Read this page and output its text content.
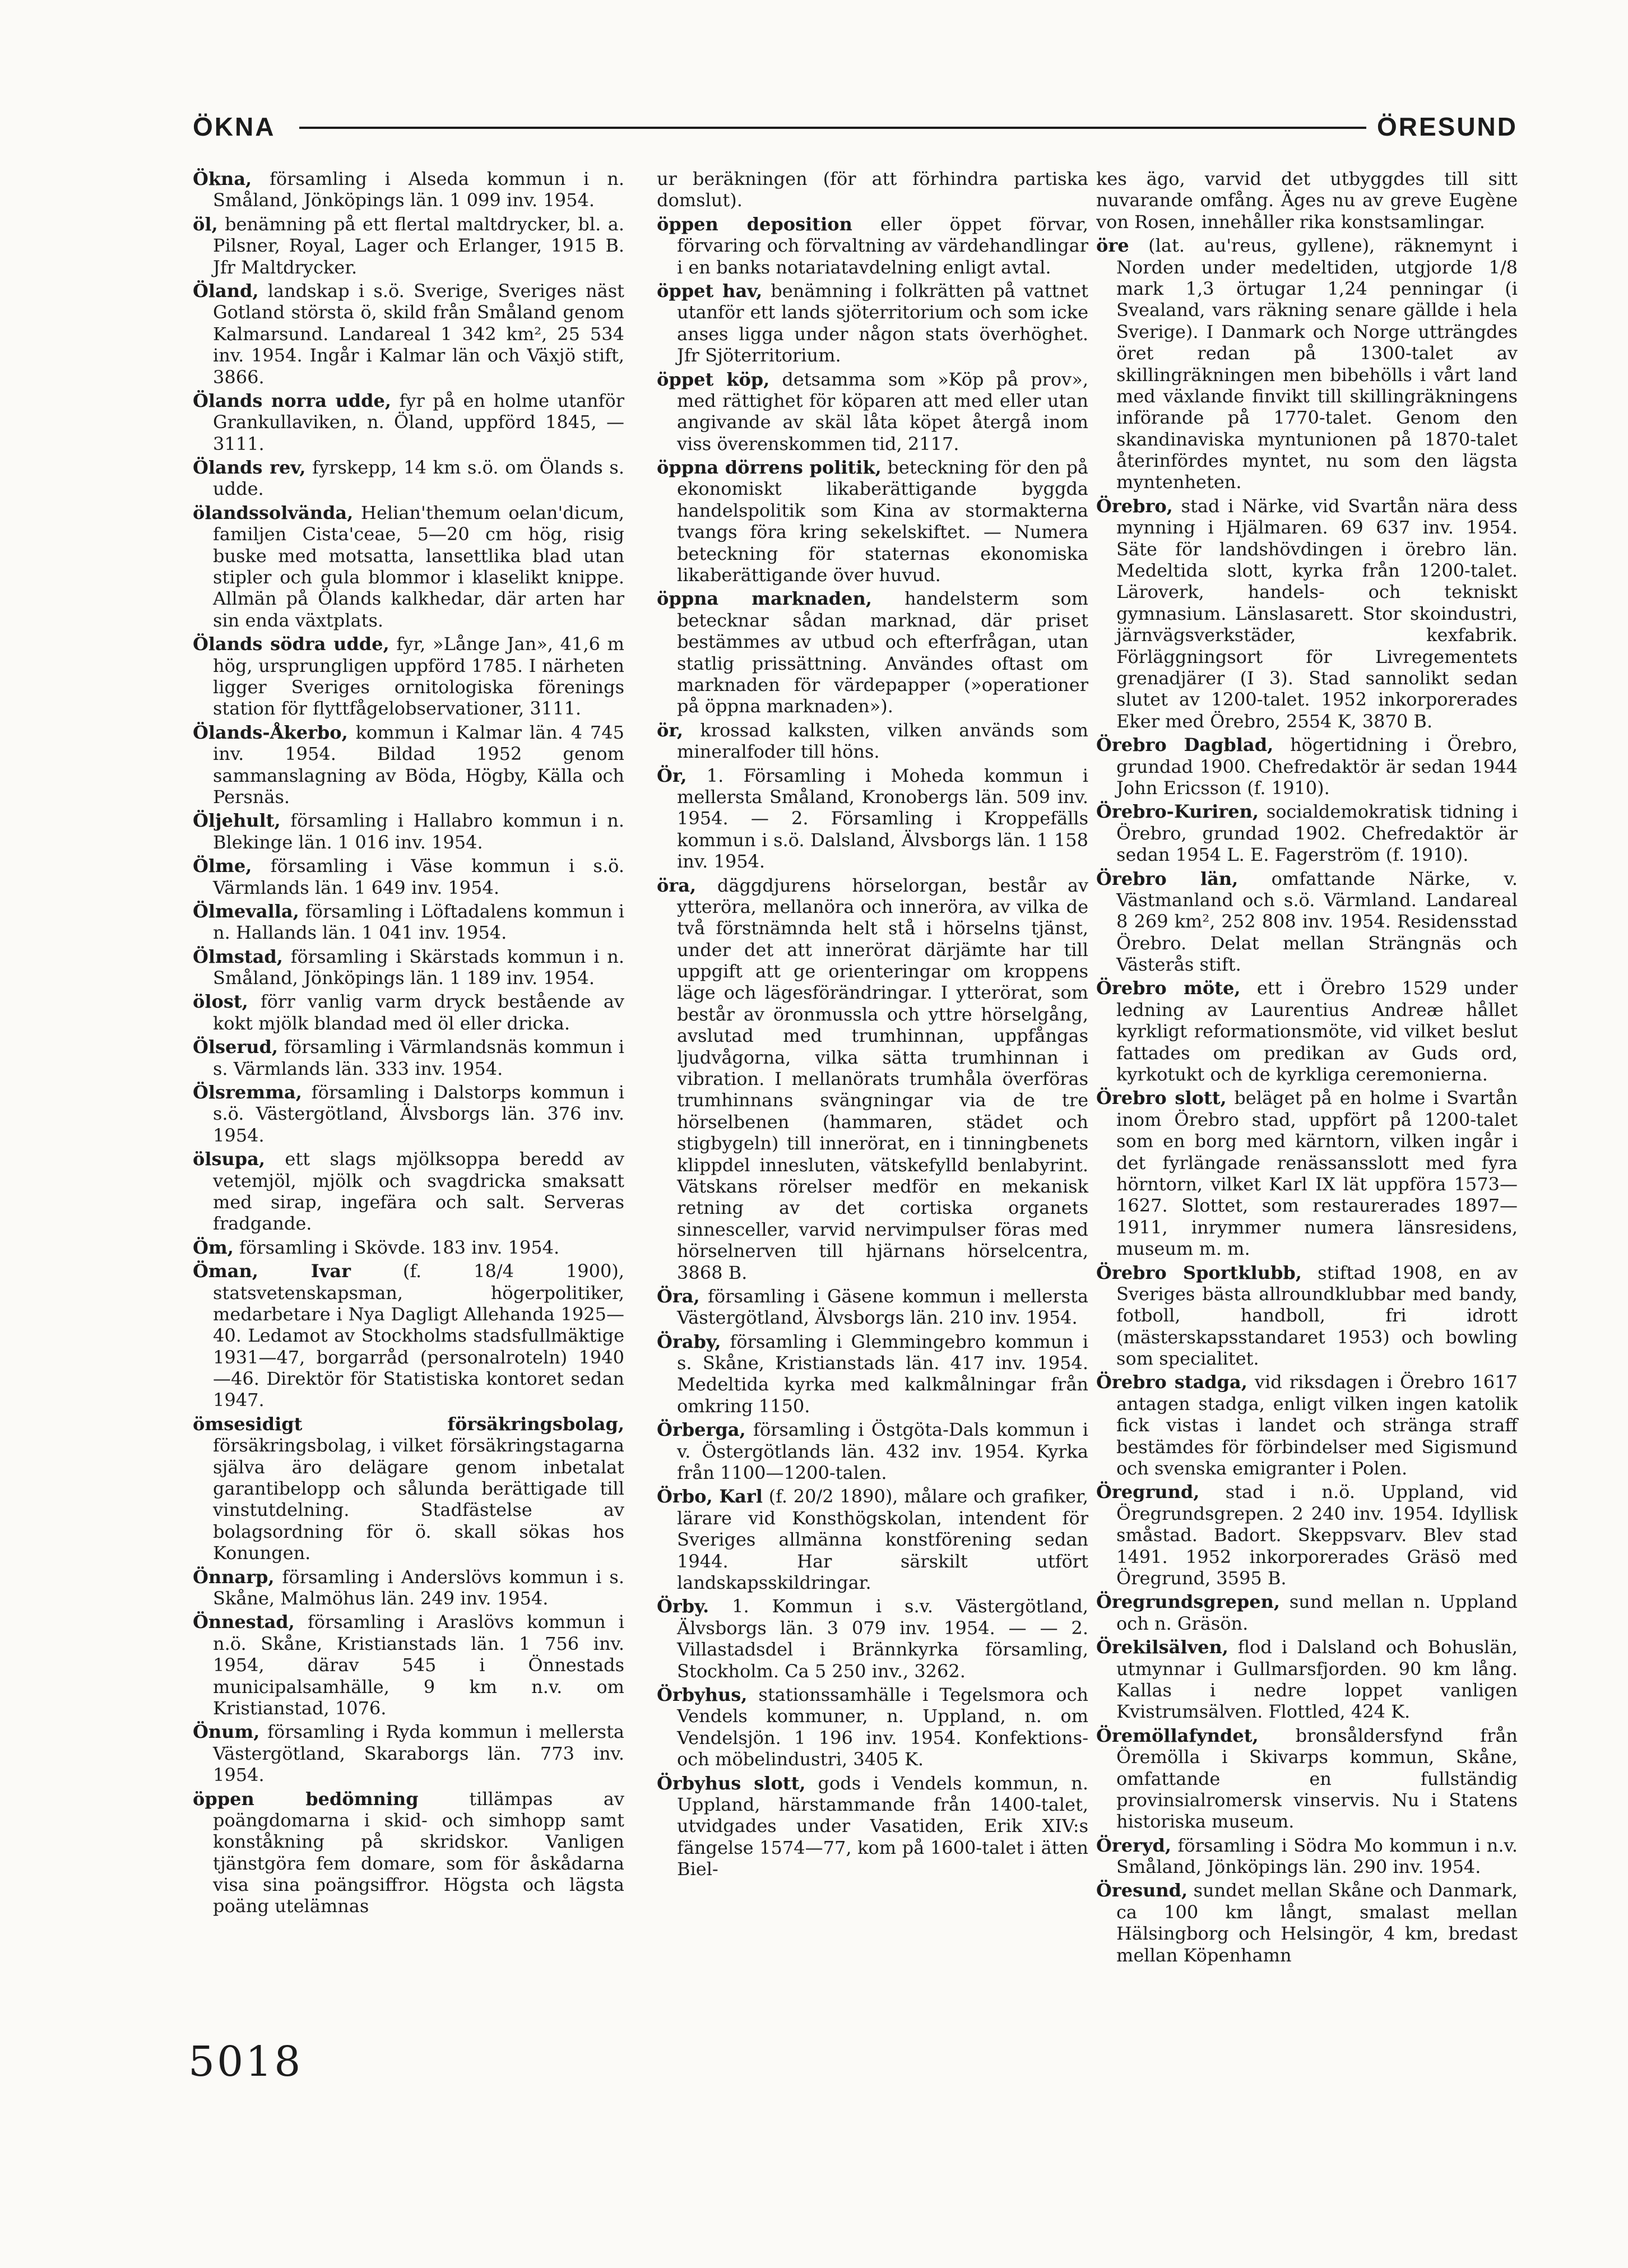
ÖKNA	ÖRESUND

Ökna, församling i Alseda kommun i n. Småland, Jönköpings län. 1 099 inv. 1954.

öl, benämning på ett flertal maltdrycker, bl. a. Pilsner, Royal, Lager och Erlanger, 1915 B. Jfr Maltdrycker.

Öland, landskap i s.ö. Sverige, Sveriges näst Gotland största ö, skild från Småland genom Kalmarsund. Landareal 1 342 km², 25 534 inv. 1954. Ingår i Kalmar län och Växjö stift, 3866.

Ölands norra udde, fyr på en holme utanför Grankullaviken, n. Öland, uppförd 1845, — 3111.

Ölands rev, fyrskepp, 14 km s.ö. om Ölands s. udde.

ölandssolvända, Helian'themum oelan'dicum, familjen Cista'ceae, 5—20 cm hög, risig buske med motsatta, lansettlika blad utan stipler och gula blommor i klaselikt knippe. Allmän på Ölands kalkhedar, där arten har sin enda växtplats.

Ölands södra udde, fyr, »Långe Jan», 41,6 m hög, ursprungligen uppförd 1785. I närheten ligger Sveriges ornitologiska förenings station för flyttfågelobservationer, 3111.

Ölands-Åkerbo, kommun i Kalmar län. 4 745 inv. 1954. Bildad 1952 genom sammanslagning av Böda, Högby, Källa och Persnäs.

Öljehult, församling i Hallabro kommun i n. Blekinge län. 1 016 inv. 1954.

Ölme, församling i Väse kommun i s.ö. Värmlands län. 1 649 inv. 1954.

Ölmevalla, församling i Löftadalens kommun i n. Hallands län. 1 041 inv. 1954.

Ölmstad, församling i Skärstads kommun i n. Småland, Jönköpings län. 1 189 inv. 1954.

ölost, förr vanlig varm dryck bestående av kokt mjölk blandad med öl eller dricka.

Ölserud, församling i Värmlandsnäs kommun i s. Värmlands län. 333 inv. 1954.

Ölsremma, församling i Dalstorps kommun i s.ö. Västergötland, Älvsborgs län. 376 inv. 1954.

ölsupa, ett slags mjölksoppa beredd av vetemjöl, mjölk och svagdricka smaksatt med sirap, ingefära och salt. Serveras fradgande.

Öm, församling i Skövde. 183 inv. 1954.

Öman, Ivar (f. 18/4 1900), statsvetenskapsman, högerpolitiker, medarbetare i Nya Dagligt Allehanda 1925—40. Ledamot av Stockholms stadsfullmäktige 1931—47, borgarråd (personalroteln) 1940—46. Direktör för Statistiska kontoret sedan 1947.

ömsesidigt försäkringsbolag, försäkringsbolag, i vilket försäkringstagarna själva äro delägare genom inbetalat garantibelopp och sålunda berättigade till vinstutdelning. Stadfästelse av bolagsordning för ö. skall sökas hos Konungen.

Önnarp, församling i Anderslövs kommun i s. Skåne, Malmöhus län. 249 inv. 1954.

Önnestad, församling i Araslövs kommun i n.ö. Skåne, Kristianstads län. 1 756 inv. 1954, därav 545 i Önnestads municipalsamhälle, 9 km n.v. om Kristianstad, 1076.

Önum, församling i Ryda kommun i mellersta Västergötland, Skaraborgs län. 773 inv. 1954.

öppen bedömning tillämpas av poängdomarna i skid- och simhopp samt konståkning på skridskor. Vanligen tjänstgöra fem domare, som för åskådarna visa sina poängsiffror. Högsta och lägsta poäng utelämnas

ur beräkningen (för att förhindra partiska domslut).

öppen deposition eller öppet förvar, förvaring och förvaltning av värdehandlingar i en banks notariatavdelning enligt avtal.

öppet hav, benämning i folkrätten på vattnet utanför ett lands sjöterritorium och som icke anses ligga under någon stats överhöghet. Jfr Sjöterritorium.

öppet köp, detsamma som »Köp på prov», med rättighet för köparen att med eller utan angivande av skäl låta köpet återgå inom viss överenskommen tid, 2117.

öppna dörrens politik, beteckning för den på ekonomiskt likaberättigande byggda handelspolitik som Kina av stormakterna tvangs föra kring sekelskiftet. — Numera beteckning för staternas ekonomiska likaberättigande över huvud.

öppna marknaden, handelsterm som betecknar sådan marknad, där priset bestämmes av utbud och efterfrågan, utan statlig prissättning. Användes oftast om marknaden för värdepapper (»operationer på öppna marknaden»).

ör, krossad kalksten, vilken används som mineralfoder till höns.

Ör, 1. Församling i Moheda kommun i mellersta Småland, Kronobergs län. 509 inv. 1954. — 2. Församling i Kroppefälls kommun i s.ö. Dalsland, Älvsborgs län. 1 158 inv. 1954.

öra, däggdjurens hörselorgan, består av ytteröra, mellanöra och inneröra, av vilka de två förstnämnda helt stå i hörselns tjänst, under det att innerörat därjämte har till uppgift att ge orienteringar om kroppens läge och lägesförändringar. I ytterörat, som består av öronmussla och yttre hörselgång, avslutad med trumhinnan, uppfångas ljudvågorna, vilka sätta trumhinnan i vibration. I mellanörats trumhåla överföras trumhinnans svängningar via de tre hörselbenen (hammaren, städet och stigbygeln) till innerörat, en i tinningbenets klippdel innesluten, vätskefylld benlabyrint. Vätskans rörelser medför en mekanisk retning av det cortiska organets sinnesceller, varvid nervimpulser föras med hörselnerven till hjärnans hörselcentra, 3868 B.

Öra, församling i Gäsene kommun i mellersta Västergötland, Älvsborgs län. 210 inv. 1954.

Öraby, församling i Glemmingebro kommun i s. Skåne, Kristianstads län. 417 inv. 1954. Medeltida kyrka med kalkmålningar från omkring 1150.

Örberga, församling i Östgöta-Dals kommun i v. Östergötlands län. 432 inv. 1954. Kyrka från 1100—1200-talen.

Örbo, Karl (f. 20/2 1890), målare och grafiker, lärare vid Konsthögskolan, intendent för Sveriges allmänna konstförening sedan 1944. Har särskilt utfört landskapsskildringar.

Örby. 1. Kommun i s.v. Västergötland, Älvsborgs län. 3 079 inv. 1954. — — 2. Villastadsdel i Brännkyrka församling, Stockholm. Ca 5 250 inv., 3262.

Örbyhus, stationssamhälle i Tegelsmora och Vendels kommuner, n. Uppland, n. om Vendelsjön. 1 196 inv. 1954. Konfektions- och möbelindustri, 3405 K.

Örbyhus slott, gods i Vendels kommun, n. Uppland, härstammande från 1400-talet, utvidgades under Vasatiden, Erik XIV:s fängelse 1574—77, kom på 1600-talet i ätten Biel-

kes ägo, varvid det utbyggdes till sitt nuvarande omfång. Äges nu av greve Eugène von Rosen, innehåller rika konstsamlingar.

öre (lat. au'reus, gyllene), räknemynt i Norden under medeltiden, utgjorde 1/8 mark 1,3 örtugar 1,24 penningar (i Svealand, vars räkning senare gällde i hela Sverige). I Danmark och Norge utträngdes öret redan på 1300-talet av skillingräkningen men bibehölls i vårt land med växlande finvikt till skillingräkningens införande på 1770-talet. Genom den skandinaviska myntunionen på 1870-talet återinfördes myntet, nu som den lägsta myntenheten.

Örebro, stad i Närke, vid Svartån nära dess mynning i Hjälmaren. 69 637 inv. 1954. Säte för landshövdingen i örebro län. Medeltida slott, kyrka från 1200-talet. Läroverk, handels- och tekniskt gymnasium. Länslasarett. Stor skoindustri, järnvägsverkstäder, kexfabrik. Förläggningsort för Livregementets grenadjärer (I 3). Stad sannolikt sedan slutet av 1200-talet. 1952 inkorporerades Eker med Örebro, 2554 K, 3870 B.

Örebro Dagblad, högertidning i Örebro, grundad 1900. Chefredaktör är sedan 1944 John Ericsson (f. 1910).

Örebro-Kuriren, socialdemokratisk tidning i Örebro, grundad 1902. Chefredaktör är sedan 1954 L. E. Fagerström (f. 1910).

Örebro län, omfattande Närke, v. Västmanland och s.ö. Värmland. Landareal 8 269 km², 252 808 inv. 1954. Residensstad Örebro. Delat mellan Strängnäs och Västerås stift.

Örebro möte, ett i Örebro 1529 under ledning av Laurentius Andreæ hållet kyrkligt reformationsmöte, vid vilket beslut fattades om predikan av Guds ord, kyrkotukt och de kyrkliga ceremonierna.

Örebro slott, beläget på en holme i Svartån inom Örebro stad, uppfört på 1200-talet som en borg med kärntorn, vilken ingår i det fyrlängade renässansslott med fyra hörntorn, vilket Karl IX lät uppföra 1573—1627. Slottet, som restaurerades 1897—1911, inrymmer numera länsresidens, museum m. m.

Örebro Sportklubb, stiftad 1908, en av Sveriges bästa allroundklubbar med bandy, fotboll, handboll, fri idrott (mästerskapsstandaret 1953) och bowling som specialitet.

Örebro stadga, vid riksdagen i Örebro 1617 antagen stadga, enligt vilken ingen katolik fick vistas i landet och stränga straff bestämdes för förbindelser med Sigismund och svenska emigranter i Polen.

Öregrund, stad i n.ö. Uppland, vid Öregrundsgrepen. 2 240 inv. 1954. Idyllisk småstad. Badort. Skeppsvarv. Blev stad 1491. 1952 inkorporerades Gräsö med Öregrund, 3595 B.

Öregrundsgrepen, sund mellan n. Uppland och n. Gräsön.

Örekilsälven, flod i Dalsland och Bohuslän, utmynnar i Gullmarsfjorden. 90 km lång. Kallas i nedre loppet vanligen Kvistrumsälven. Flottled, 424 K.

Öremöllafyndet, bronsåldersfynd från Öremölla i Skivarps kommun, Skåne, omfattande en fullständig provinsialromersk vinservis. Nu i Statens historiska museum.

Öreryd, församling i Södra Mo kommun i n.v. Småland, Jönköpings län. 290 inv. 1954.

Öresund, sundet mellan Skåne och Danmark, ca 100 km långt, smalast mellan Hälsingborg och Helsingör, 4 km, bredast mellan Köpenhamn

5018
